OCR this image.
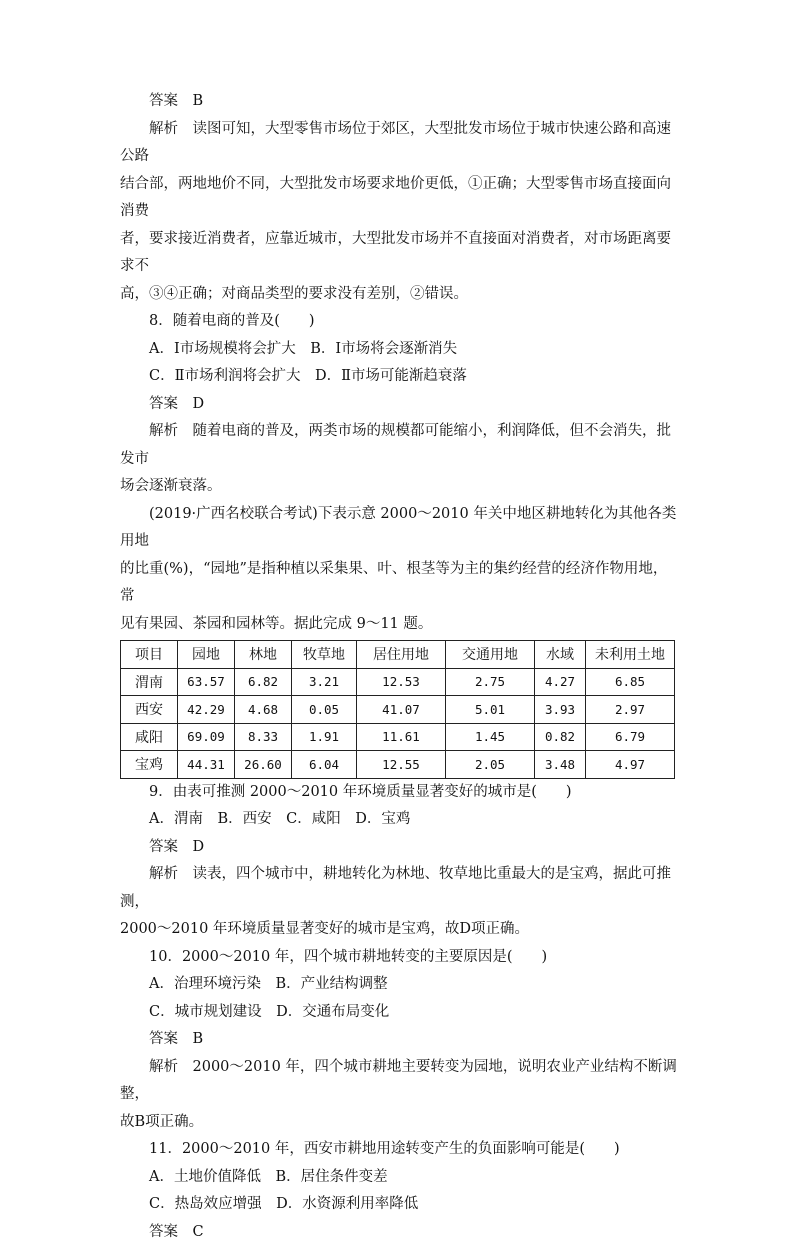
答案　B

解析　读图可知，大型零售市场位于郊区，大型批发市场位于城市快速公路和高速公路

结合部，两地地价不同，大型批发市场要求地价更低，①正确；大型零售市场直接面向消费

者，要求接近消费者，应靠近城市，大型批发市场并不直接面对消费者，对市场距离要求不

高，③④正确；对商品类型的要求没有差别，②错误。

8．随着电商的普及(　　)

A．Ⅰ市场规模将会扩大　B．Ⅰ市场将会逐渐消失

C．Ⅱ市场利润将会扩大　D．Ⅱ市场可能渐趋衰落

答案　D

解析　随着电商的普及，两类市场的规模都可能缩小，利润降低，但不会消失，批发市

场会逐渐衰落。

(2019·广西名校联合考试)下表示意 2000～2010 年关中地区耕地转化为其他各类用地

的比重(%)，“园地”是指种植以采集果、叶、根茎等为主的集约经营的经济作物用地，常

见有果园、茶园和园林等。据此完成 9～11 题。

项目	园地	林地	牧草地	居住用地	交通用地	水域	未利用土地
渭南	63.57	6.82	3.21	12.53	2.75	4.27	6.85
西安	42.29	4.68	0.05	41.07	5.01	3.93	2.97
咸阳	69.09	8.33	1.91	11.61	1.45	0.82	6.79
宝鸡	44.31	26.60	6.04	12.55	2.05	3.48	4.97

9．由表可推测 2000～2010 年环境质量显著变好的城市是(　　)

A．渭南　B．西安　C．咸阳　D．宝鸡

答案　D

解析　读表，四个城市中，耕地转化为林地、牧草地比重最大的是宝鸡，据此可推测，

2000～2010 年环境质量显著变好的城市是宝鸡，故D项正确。

10．2000～2010 年，四个城市耕地转变的主要原因是(　　)

A．治理环境污染　B．产业结构调整

C．城市规划建设　D．交通布局变化

答案　B

解析　2000～2010 年，四个城市耕地主要转变为园地，说明农业产业结构不断调整，

故B项正确。

11．2000～2010 年，西安市耕地用途转变产生的负面影响可能是(　　)

A．土地价值降低　B．居住条件变差

C．热岛效应增强　D．水资源利用率降低

答案　C
